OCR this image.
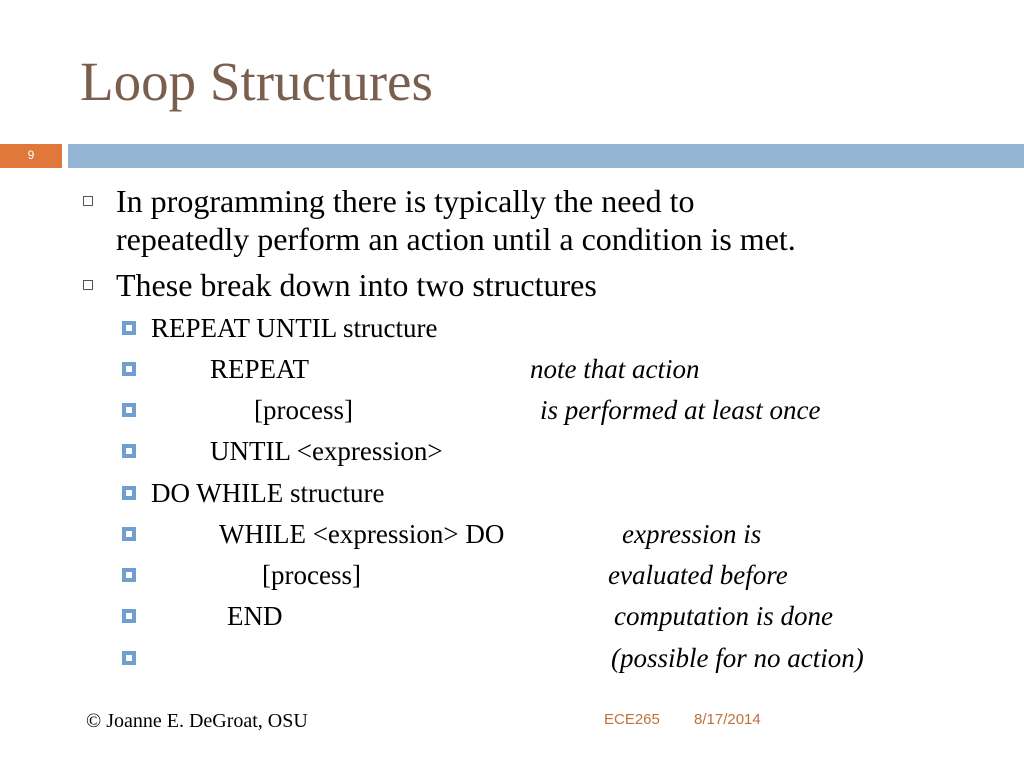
Loop Structures
9
In programming there is typically the need to
repeatedly perform an action until a condition is met.
These break down into two structures
REPEAT UNTIL structure
REPEAT	note that action
[process]	is performed at least once
UNTIL <expression>
DO WHILE structure
WHILE <expression> DO	expression is
[process]	evaluated before
END	computation is done
(possible for no action)
© Joanne E. DeGroat, OSU	ECE265 8/17/2014
